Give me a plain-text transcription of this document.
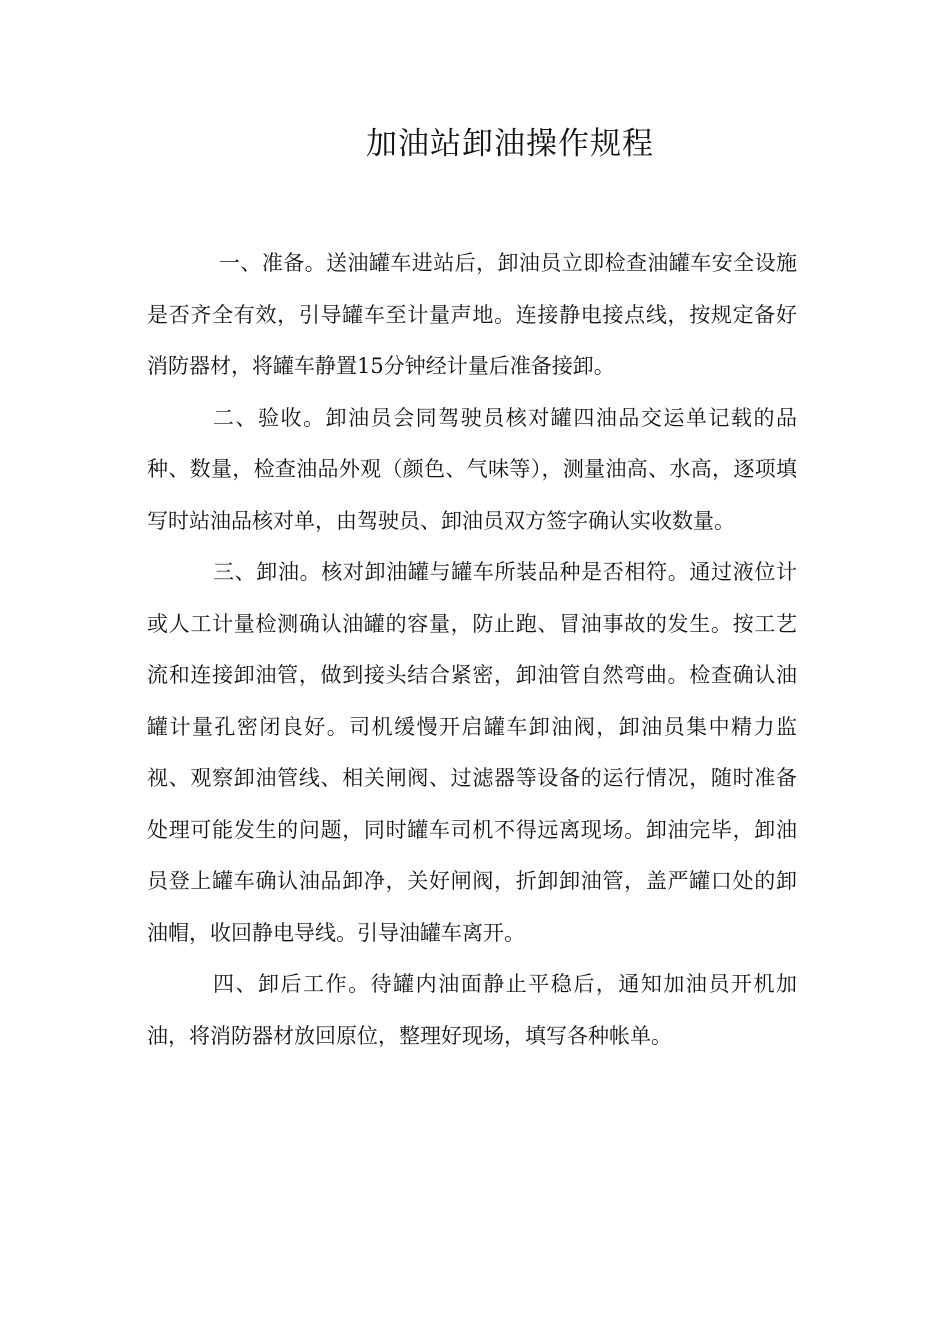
加油站卸油操作规程

一、准备。送油罐车进站后，卸油员立即检查油罐车安全设施是否齐全有效，引导罐车至计量声地。连接静电接点线，按规定备好消防器材，将罐车静置15分钟经计量后准备接卸。

二、验收。卸油员会同驾驶员核对罐四油品交运单记载的品种、数量，检查油品外观（颜色、气味等），测量油高、水高，逐项填写时站油品核对单，由驾驶员、卸油员双方签字确认实收数量。

三、卸油。核对卸油罐与罐车所装品种是否相符。通过液位计或人工计量检测确认油罐的容量，防止跑、冒油事故的发生。按工艺流和连接卸油管，做到接头结合紧密，卸油管自然弯曲。检查确认油罐计量孔密闭良好。司机缓慢开启罐车卸油阀，卸油员集中精力监视、观察卸油管线、相关闸阀、过滤器等设备的运行情况，随时准备处理可能发生的问题，同时罐车司机不得远离现场。卸油完毕，卸油员登上罐车确认油品卸净，关好闸阀，折卸卸油管，盖严罐口处的卸油帽，收回静电导线。引导油罐车离开。

四、卸后工作。待罐内油面静止平稳后，通知加油员开机加油，将消防器材放回原位，整理好现场，填写各种帐单。
